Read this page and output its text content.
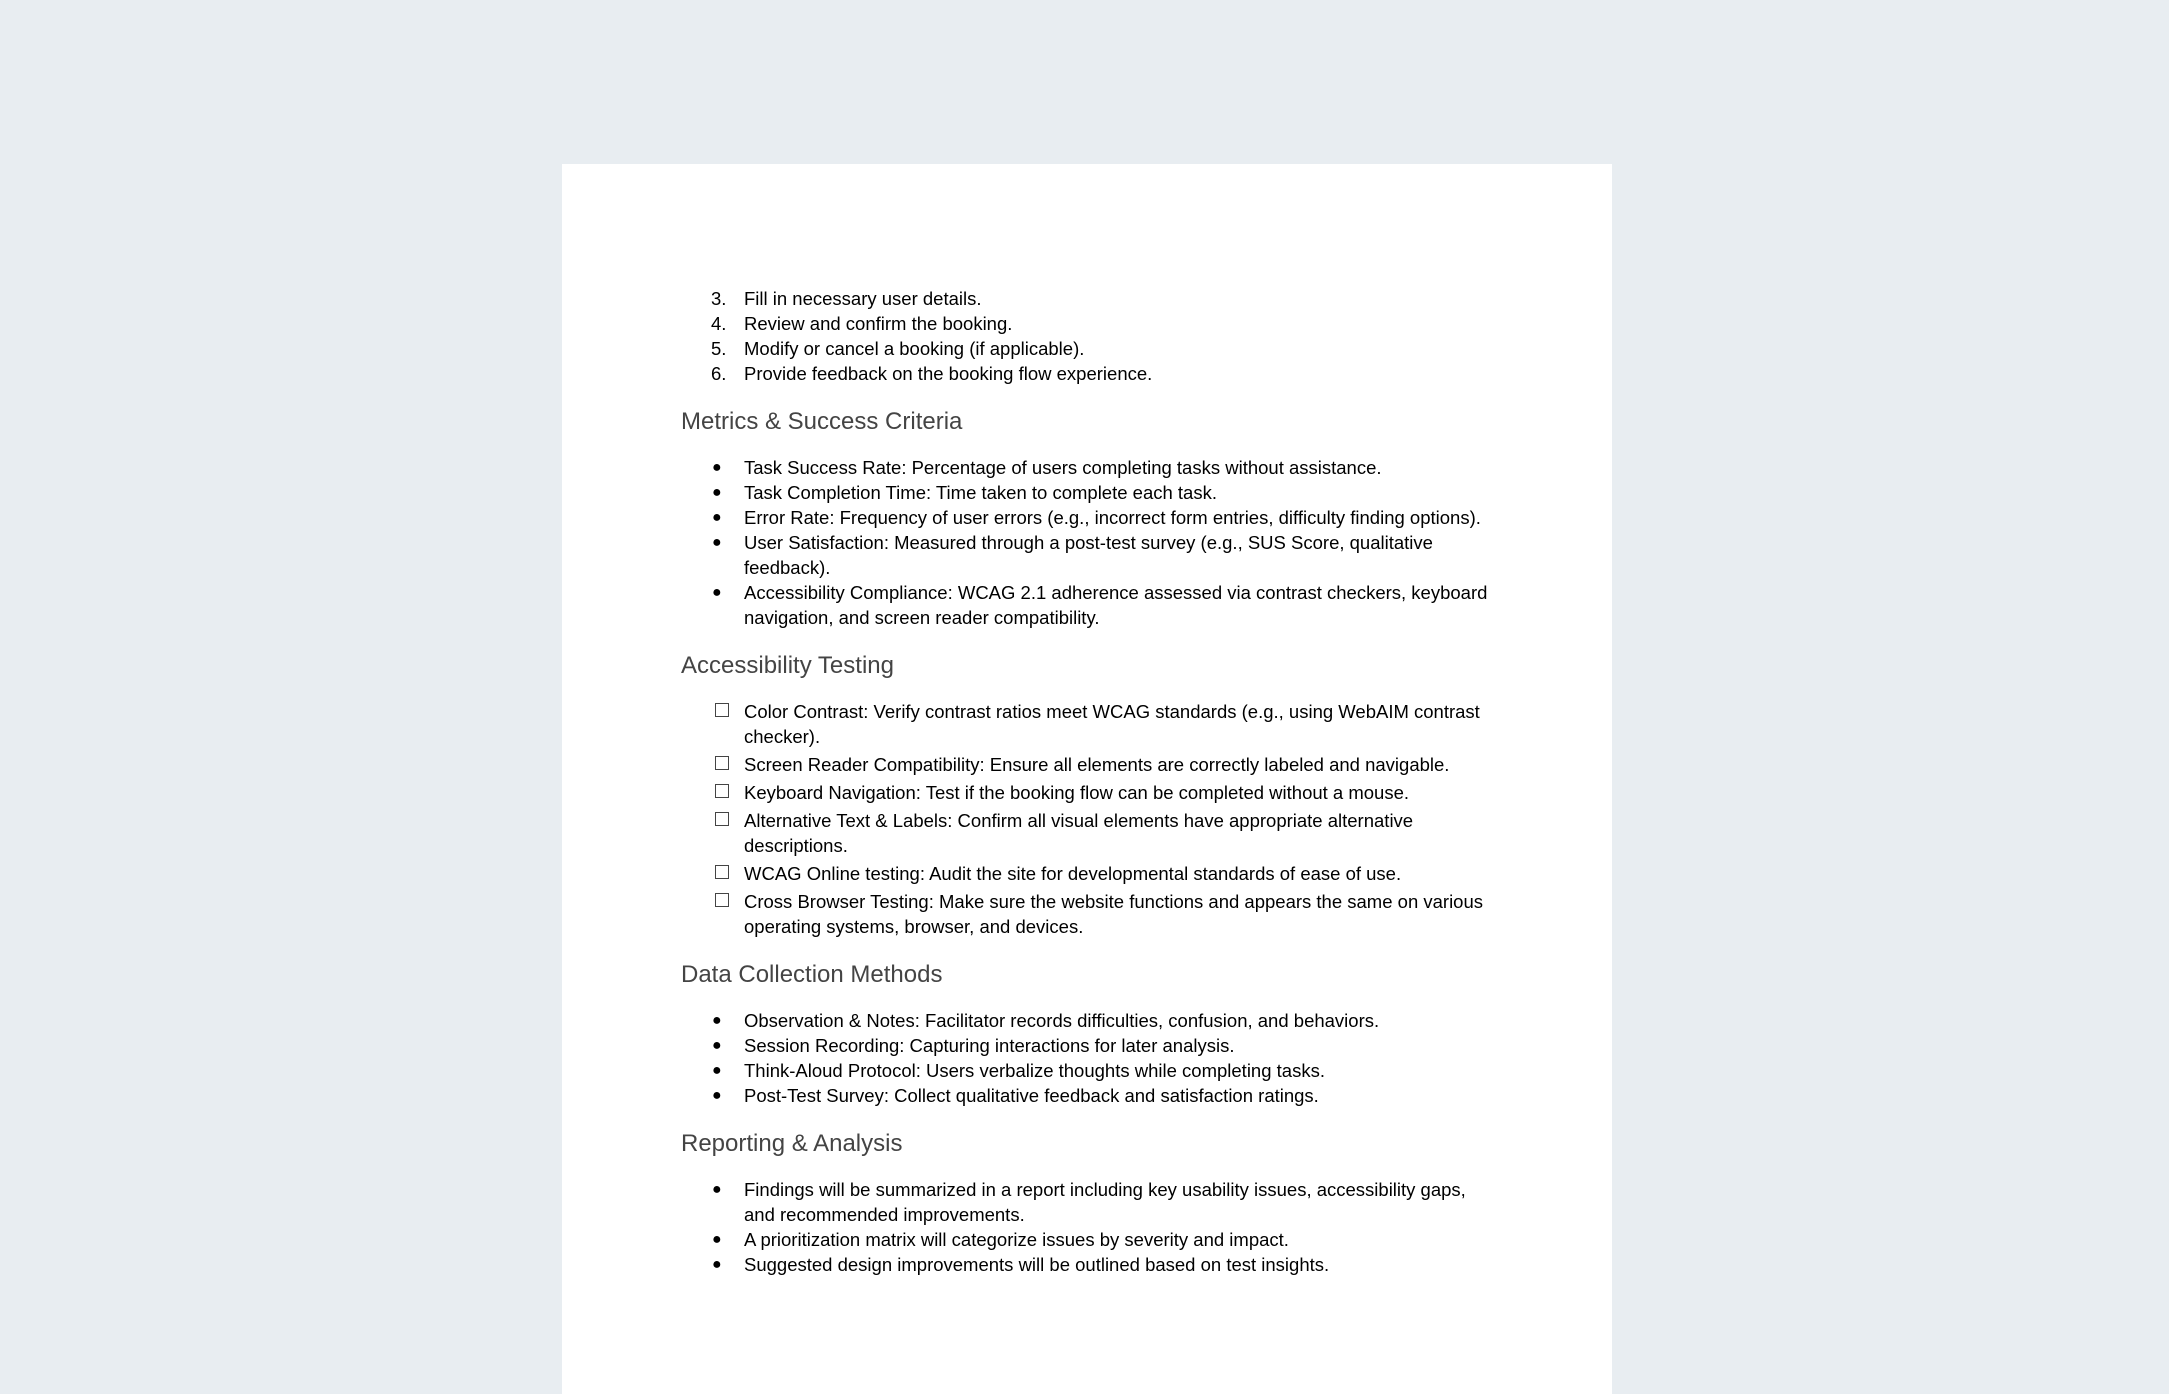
3. Fill in necessary user details.
4. Review and confirm the booking.
5. Modify or cancel a booking (if applicable).
6. Provide feedback on the booking flow experience.
Metrics & Success Criteria
● Task Success Rate: Percentage of users completing tasks without assistance.
● Task Completion Time: Time taken to complete each task.
● Error Rate: Frequency of user errors (e.g., incorrect form entries, difficulty finding options).
● User Satisfaction: Measured through a post-test survey (e.g., SUS Score, qualitative feedback).
● Accessibility Compliance: WCAG 2.1 adherence assessed via contrast checkers, keyboard navigation, and screen reader compatibility.
Accessibility Testing
Color Contrast: Verify contrast ratios meet WCAG standards (e.g., using WebAIM contrast checker).
Screen Reader Compatibility: Ensure all elements are correctly labeled and navigable.
Keyboard Navigation: Test if the booking flow can be completed without a mouse.
Alternative Text & Labels: Confirm all visual elements have appropriate alternative descriptions.
WCAG Online testing: Audit the site for developmental standards of ease of use.
Cross Browser Testing: Make sure the website functions and appears the same on various operating systems, browser, and devices.
Data Collection Methods
● Observation & Notes: Facilitator records difficulties, confusion, and behaviors.
● Session Recording: Capturing interactions for later analysis.
● Think-Aloud Protocol: Users verbalize thoughts while completing tasks.
● Post-Test Survey: Collect qualitative feedback and satisfaction ratings.
Reporting & Analysis
● Findings will be summarized in a report including key usability issues, accessibility gaps, and recommended improvements.
● A prioritization matrix will categorize issues by severity and impact.
● Suggested design improvements will be outlined based on test insights.
